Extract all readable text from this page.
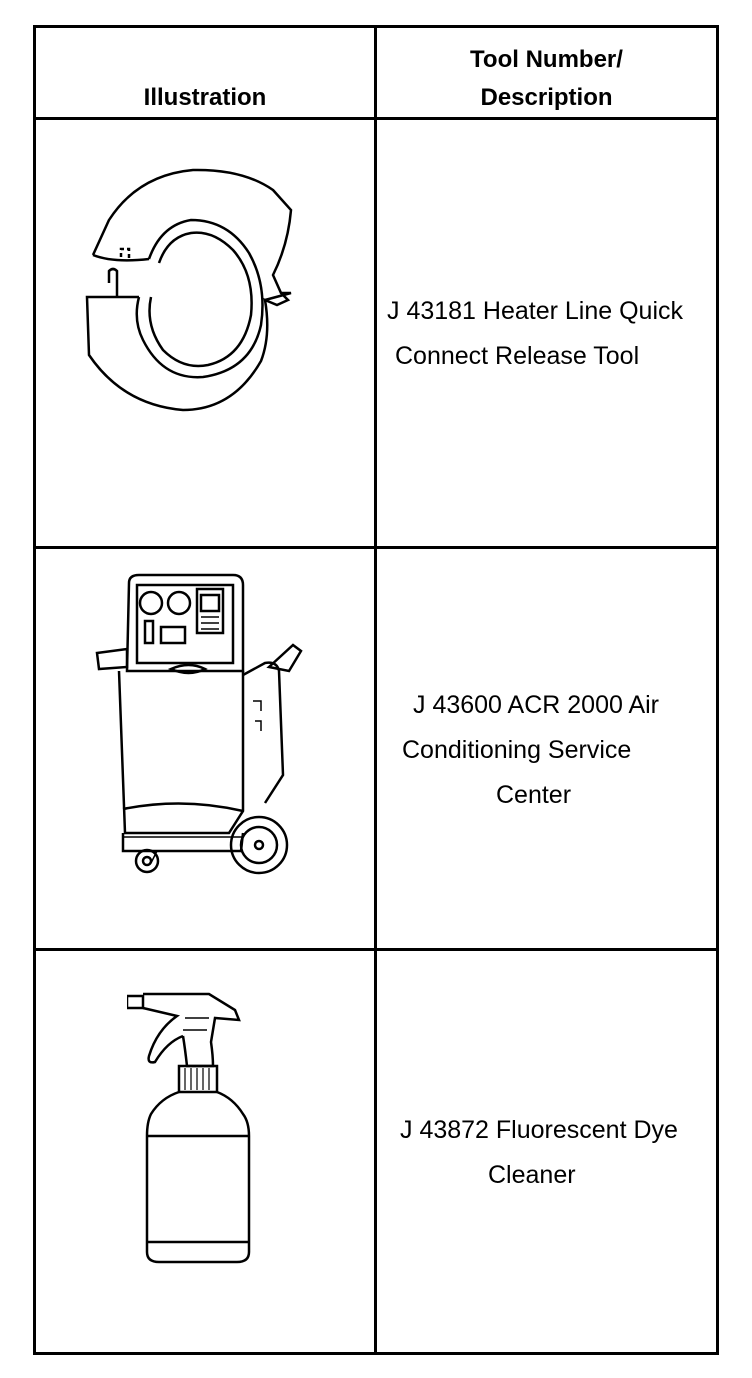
Illustration
Tool Number/
Description
J 43181 Heater Line Quick
Connect Release Tool
J 43600 ACR 2000 Air
Conditioning Service
Center
J 43872 Fluorescent Dye
Cleaner
